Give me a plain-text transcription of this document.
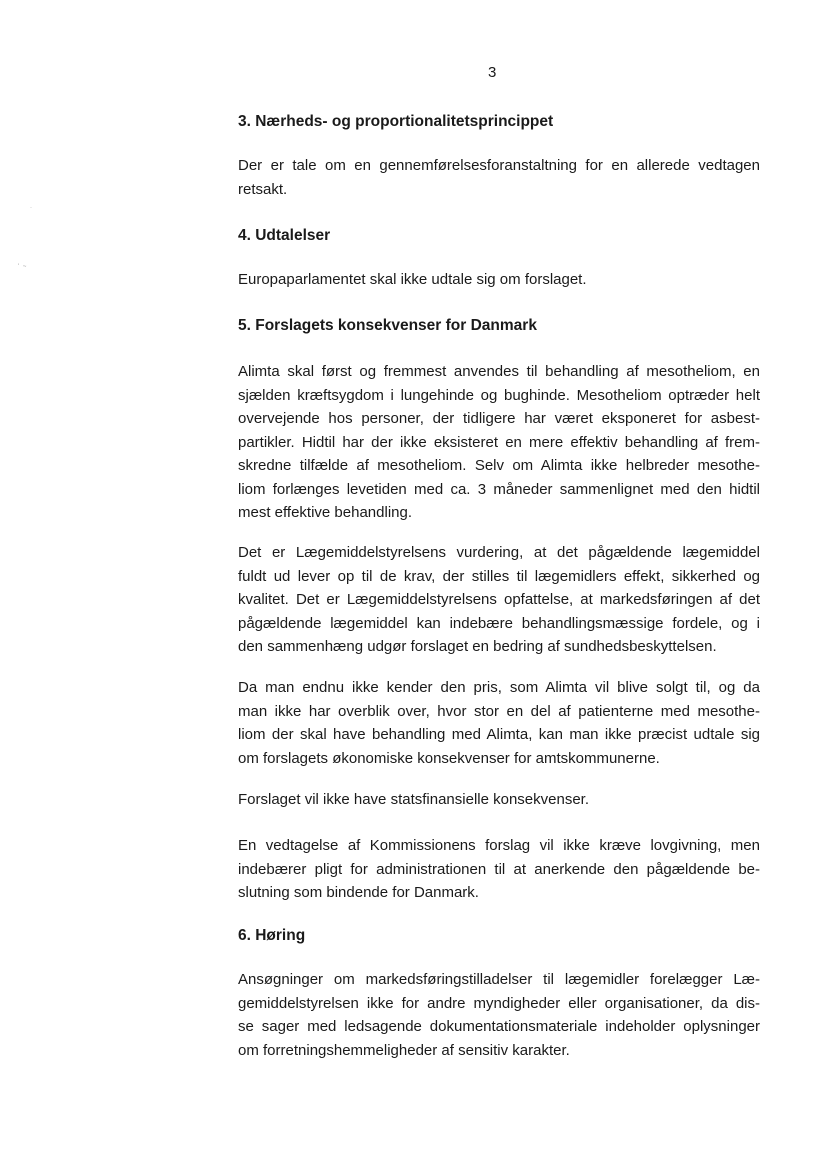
3
·
' ~
3. Nærheds- og proportionalitetsprincippet
Der er tale om en gennemførelsesforanstaltning for en allerede vedtagen
retsakt.
4. Udtalelser
Europaparlamentet skal ikke udtale sig om forslaget.
5. Forslagets konsekvenser for Danmark
Alimta skal først og fremmest anvendes til behandling af mesotheliom, en
sjælden kræftsygdom i lungehinde og bughinde. Mesotheliom optræder helt
overvejende hos personer, der tidligere har været eksponeret for asbest-
partikler. Hidtil har der ikke eksisteret en mere effektiv behandling af frem-
skredne tilfælde af mesotheliom. Selv om Alimta ikke helbreder mesothe-
liom forlænges levetiden med ca. 3 måneder sammenlignet med den hidtil
mest effektive behandling.
Det er Lægemiddelstyrelsens vurdering, at det pågældende lægemiddel
fuldt ud lever op til de krav, der stilles til lægemidlers effekt, sikkerhed og
kvalitet. Det er Lægemiddelstyrelsens opfattelse, at markedsføringen af det
pågældende lægemiddel kan indebære behandlingsmæssige fordele, og i
den sammenhæng udgør forslaget en bedring af sundhedsbeskyttelsen.
Da man endnu ikke kender den pris, som Alimta vil blive solgt til, og da
man ikke har overblik over, hvor stor en del af patienterne med mesothe-
liom der skal have behandling med Alimta, kan man ikke præcist udtale sig
om forslagets økonomiske konsekvenser for amtskommunerne.
Forslaget vil ikke have statsfinansielle konsekvenser.
En vedtagelse af Kommissionens forslag vil ikke kræve lovgivning, men
indebærer pligt for administrationen til at anerkende den pågældende be-
slutning som bindende for Danmark.
6. Høring
Ansøgninger om markedsføringstilladelser til lægemidler forelægger Læ-
gemiddelstyrelsen ikke for andre myndigheder eller organisationer, da dis-
se sager med ledsagende dokumentationsmateriale indeholder oplysninger
om forretningshemmeligheder af sensitiv karakter.
